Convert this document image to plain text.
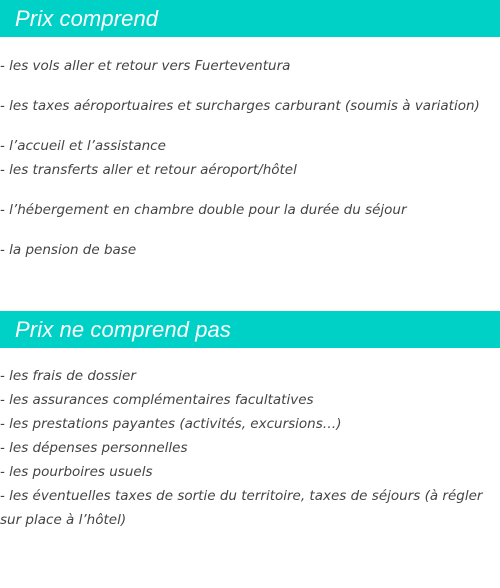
Prix comprend
- les vols aller et retour vers Fuerteventura
- les taxes aéroportuaires et surcharges carburant (soumis à variation)
- l’accueil et l’assistance
- les transferts aller et retour aéroport/hôtel
- l’hébergement en chambre double pour la durée du séjour
- la pension de base
Prix ne comprend pas
- les frais de dossier
- les assurances complémentaires facultatives
- les prestations payantes (activités, excursions…)
- les dépenses personnelles
- les pourboires usuels
- les éventuelles taxes de sortie du territoire, taxes de séjours (à régler sur place à l’hôtel)
